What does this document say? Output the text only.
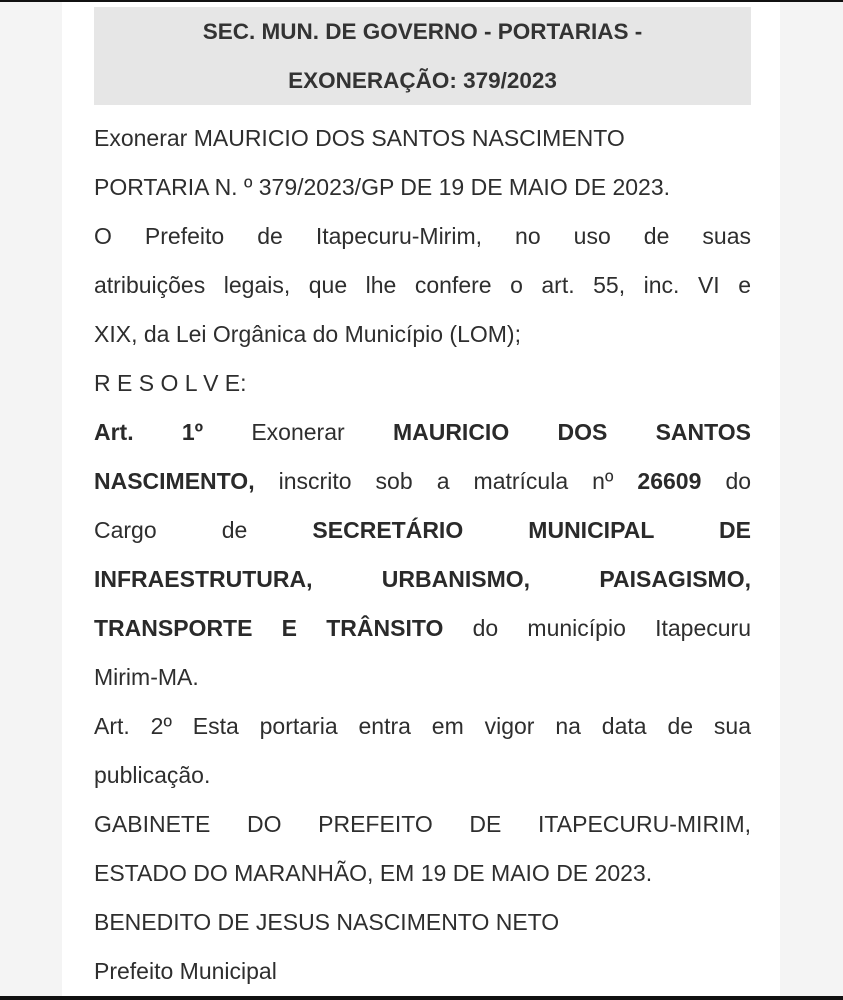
SEC. MUN. DE GOVERNO - PORTARIAS -
EXONERAÇÃO: 379/2023
Exonerar MAURICIO DOS SANTOS NASCIMENTO
PORTARIA N. º 379/2023/GP DE 19 DE MAIO DE 2023.
O Prefeito de Itapecuru-Mirim, no uso de suas
atribuições legais, que lhe confere o art. 55, inc. VI e
XIX, da Lei Orgânica do Município (LOM);
R E S O L V E:
Art. 1º Exonerar MAURICIO DOS SANTOS
NASCIMENTO, inscrito sob a matrícula nº 26609 do
Cargo de	SECRETÁRIO MUNICIPAL DE
INFRAESTRUTURA, URBANISMO, PAISAGISMO,
TRANSPORTE E TRÂNSITO do município Itapecuru
Mirim-MA.
Art. 2º Esta portaria entra em vigor na data de sua
publicação.
GABINETE DO PREFEITO DE ITAPECURU-MIRIM,
ESTADO DO MARANHÃO, EM 19 DE MAIO DE 2023.
BENEDITO DE JESUS NASCIMENTO NETO
Prefeito Municipal
